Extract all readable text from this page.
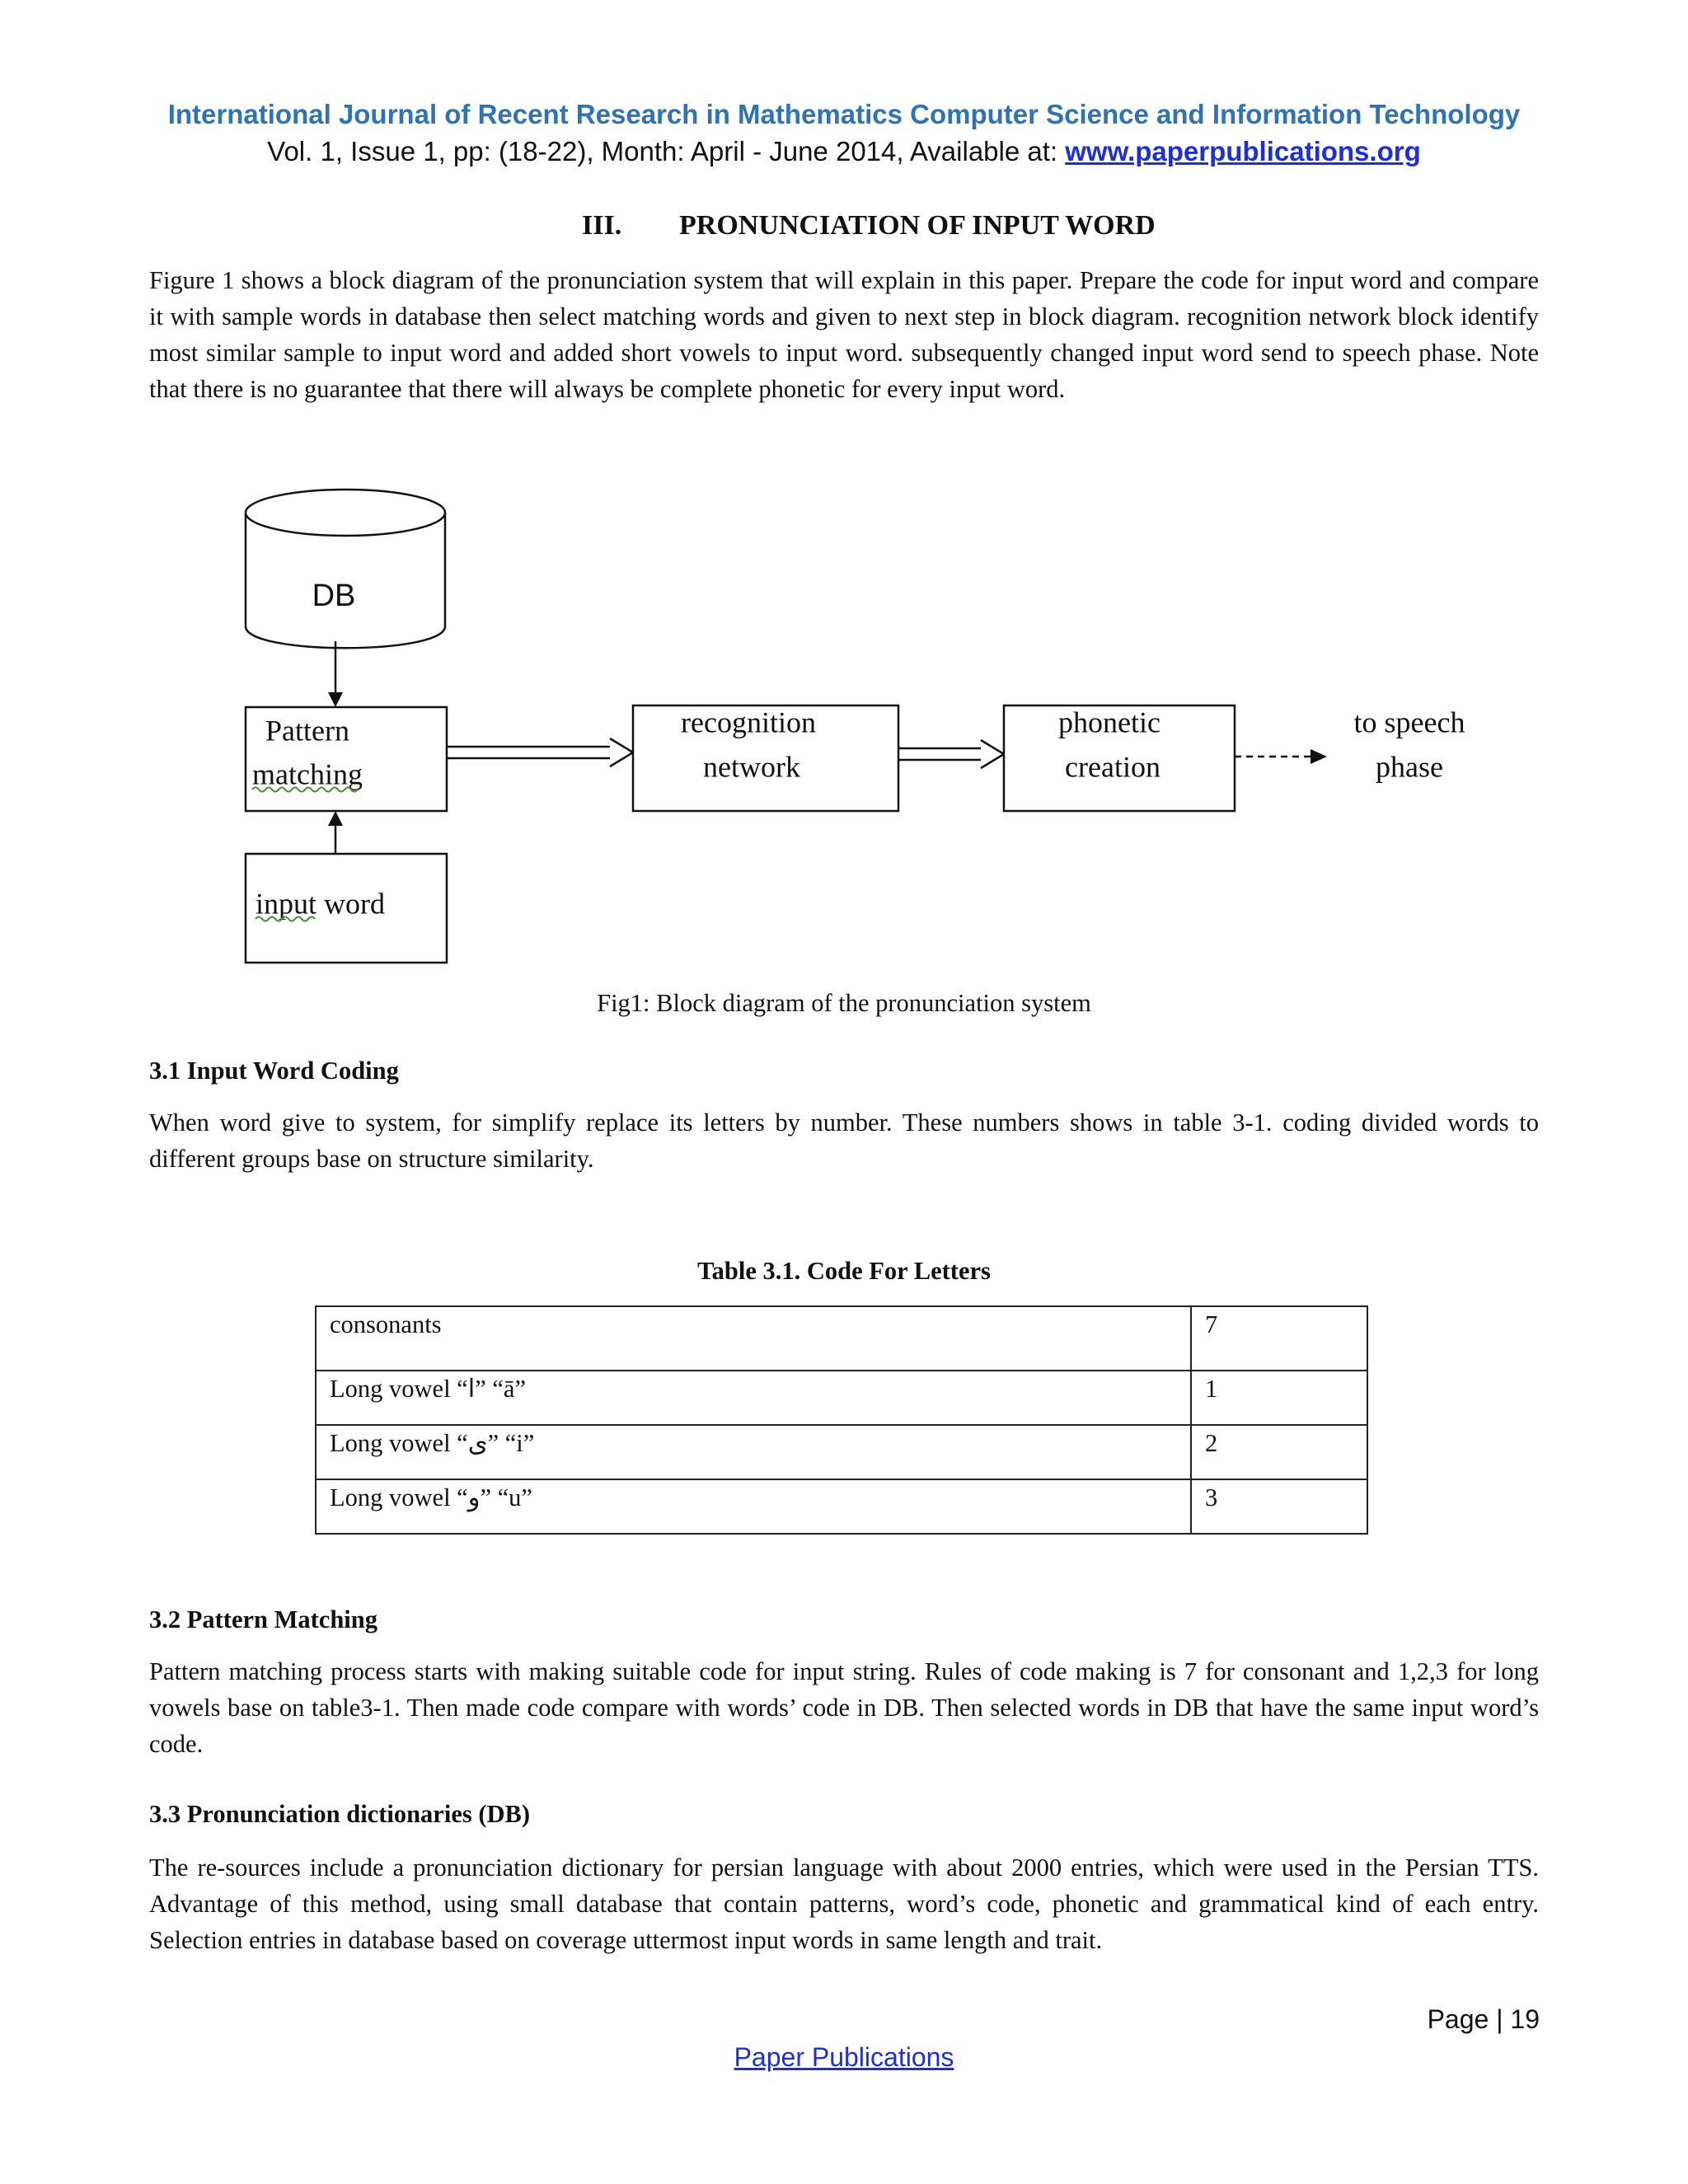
International Journal of Recent Research in Mathematics Computer Science and Information Technology
Vol. 1, Issue 1, pp: (18-22), Month: April - June 2014, Available at: www.paperpublications.org
III. PRONUNCIATION OF INPUT WORD
Figure 1 shows a block diagram of the pronunciation system that will explain in this paper. Prepare the code for input word and compare it with sample words in database then select matching words and given to next step in block diagram. recognition network block identify most similar sample to input word and added short vowels to input word. subsequently changed input word send to speech phase. Note that there is no guarantee that there will always be complete phonetic for every input word.
DB
Pattern
matching
input word
recognition
network
phonetic
creation
to speech
phase
Fig1: Block diagram of the pronunciation system
3.1 Input Word Coding
When word give to system, for simplify replace its letters by number. These numbers shows in table 3-1. coding divided words to different groups base on structure similarity.
Table 3.1. Code For Letters
consonants	7
Long vowel “ا” “ā”	1
Long vowel “ی” “i”	2
Long vowel “و” “u”	3
3.2 Pattern Matching
Pattern matching process starts with making suitable code for input string. Rules of code making is 7 for consonant and 1,2,3 for long vowels base on table3-1. Then made code compare with words’ code in DB. Then selected words in DB that have the same input word’s code.
3.3 Pronunciation dictionaries (DB)
The re-sources include a pronunciation dictionary for persian language with about 2000 entries, which were used in the Persian TTS. Advantage of this method, using small database that contain patterns, word’s code, phonetic and grammatical kind of each entry. Selection entries in database based on coverage uttermost input words in same length and trait.
Page | 19
Paper Publications
